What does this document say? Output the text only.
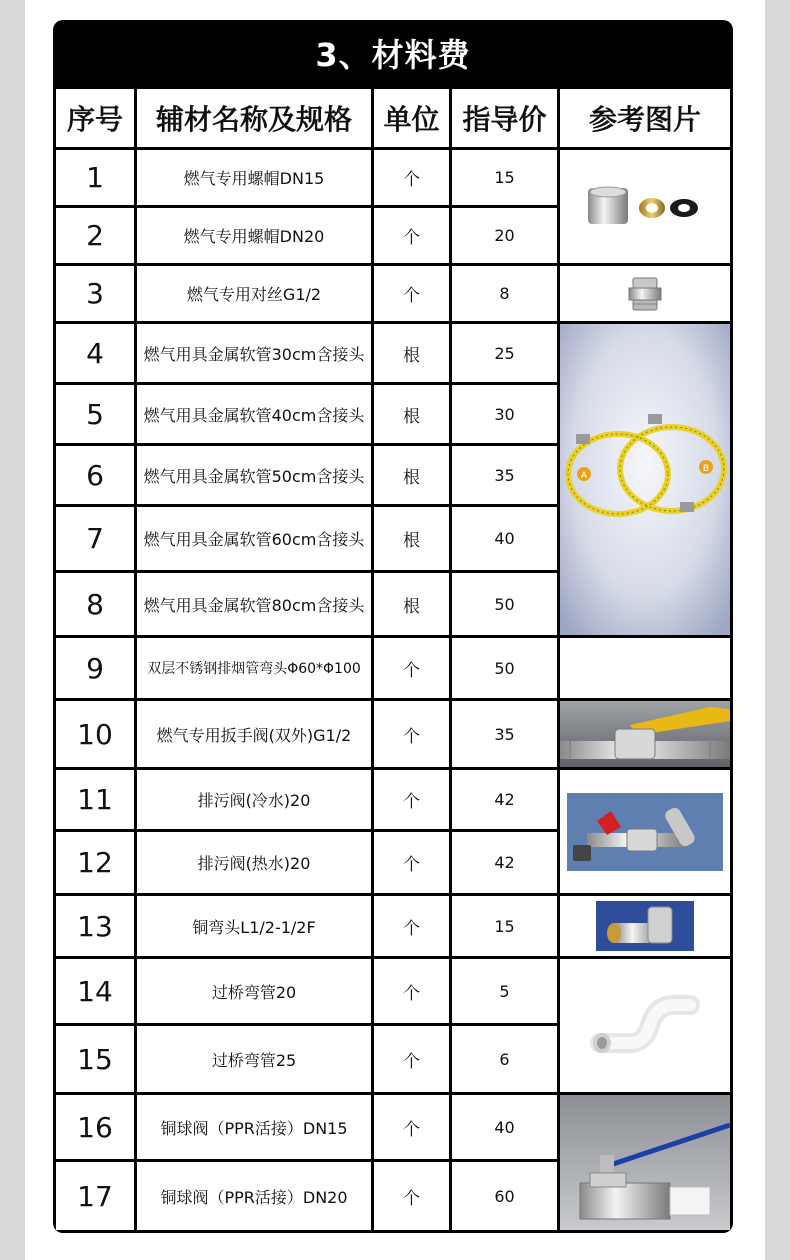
3、材料费
序号	辅材名称及规格	单位 指导价	参考图片
1	燃气专用螺帽DN15	个	15
2	燃气专用螺帽DN20	个	20
3	燃气专用对丝G1/2	个	8
4	燃气用具金属软管30cm含接头	根	25
5	燃气用具金属软管40cm含接头	根	30
6	燃气用具金属软管50cm含接头	根	35
7	燃气用具金属软管60cm含接头	根	40
8	燃气用具金属软管80cm含接头	根	50
A
B
9	双层不锈钢排烟管弯头Φ60*Φ100	个	50
10	燃气专用扳手阀(双外)G1/2	个	35
11	排污阀(冷水)20	个	42
12	排污阀(热水)20	个	42
13	铜弯头L1/2-1/2F	个	15
14	过桥弯管20	个	5
15	过桥弯管25	个	6
16	铜球阀（PPR活接）DN15	个	40
17	铜球阀（PPR活接）DN20	个	60
